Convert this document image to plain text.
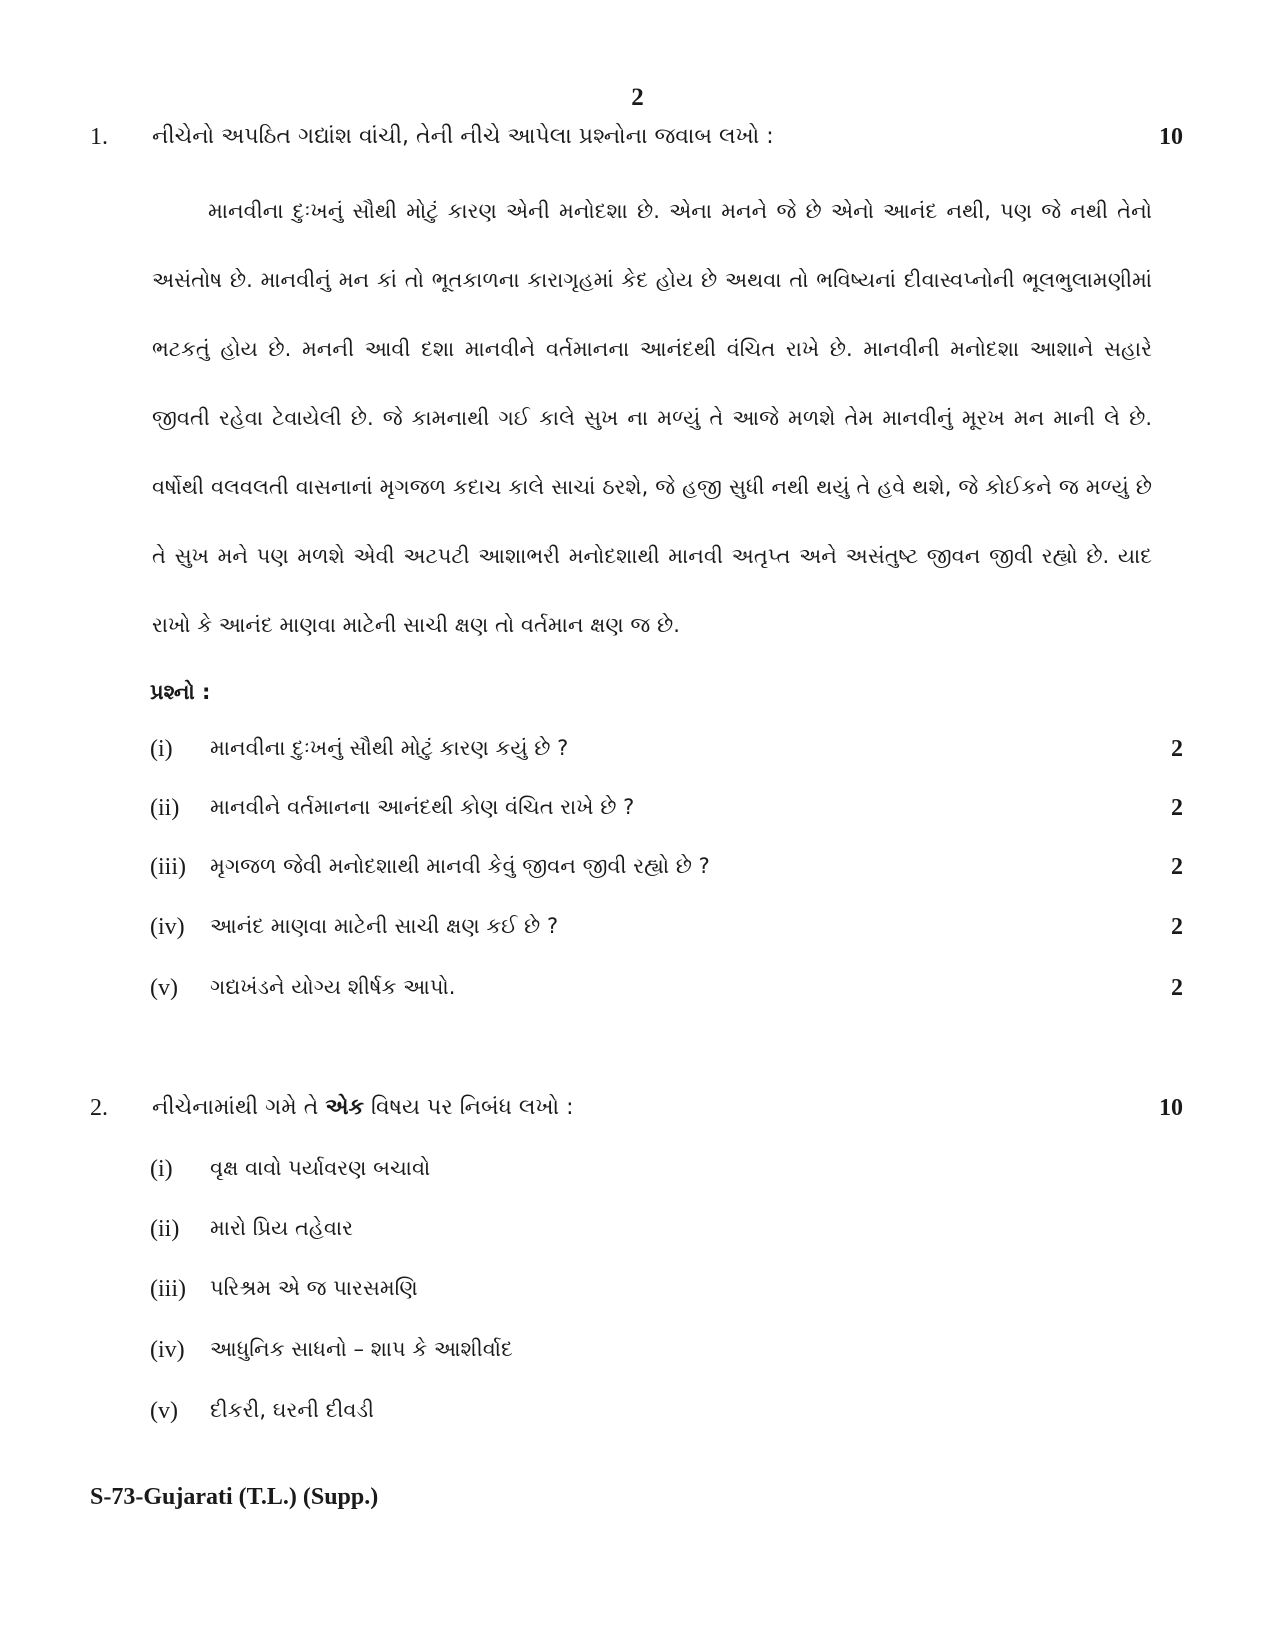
2
1. નીચેનો અપઠિત ગદ્યાંશ વાંચી, તેની નીચે આપેલા પ્રશ્નોના જવાબ લખો :	10

માનવીના દુઃખનું સૌથી મોટું કારણ એની મનોદશા છે. એના મનને જે છે એનો આનંદ નથી, પણ જે નથી તેનો અસંતોષ છે. માનવીનું મન કાં તો ભૂતકાળના કારાગૃહમાં કેદ હોય છે અથવા તો ભવિષ્યનાં દીવાસ્વપ્નોની ભૂલભુલામણીમાં ભટકતું હોય છે. મનની આવી દશા માનવીને વર્તમાનના આનંદથી વંચિત રાખે છે. માનવીની મનોદશા આશાને સહારે જીવતી રહેવા ટેવાયેલી છે. જે કામનાથી ગઈ કાલે સુખ ના મળ્યું તે આજે મળશે તેમ માનવીનું મૂરખ મન માની લે છે. વર્ષોથી વલવલતી વાસનાનાં મૃગજળ કદાચ કાલે સાચાં ઠરશે, જે હજી સુધી નથી થયું તે હવે થશે, જે કોઈકને જ મળ્યું છે તે સુખ મને પણ મળશે એવી અટપટી આશાભરી મનોદશાથી માનવી અતૃપ્ત અને અસંતુષ્ટ જીવન જીવી રહ્યો છે. યાદ રાખો કે આનંદ માણવા માટેની સાચી ક્ષણ તો વર્તમાન ક્ષણ જ છે.

પ્રશ્નો :
(i) માનવીના દુઃખનું સૌથી મોટું કારણ કયું છે ?	2
(ii) માનવીને વર્તમાનના આનંદથી કોણ વંચિત રાખે છે ?	2
(iii) મૃગજળ જેવી મનોદશાથી માનવી કેવું જીવન જીવી રહ્યો છે ?	2
(iv) આનંદ માણવા માટેની સાચી ક્ષણ કઈ છે ?	2
(v) ગદ્યખંડને યોગ્ય શીર્ષક આપો.	2
2. નીચેનામાંથી ગમે તે એક વિષય પર નિબંધ લખો :	10
(i) વૃક્ષ વાવો પર્યાવરણ બચાવો
(ii) મારો પ્રિય તહેવાર
(iii) પરિશ્રમ એ જ પારસમણિ
(iv) આધુનિક સાધનો – શાપ કે આશીર્વાદ
(v) દીકરી, ઘરની દીવડી
S-73-Gujarati (T.L.) (Supp.)
